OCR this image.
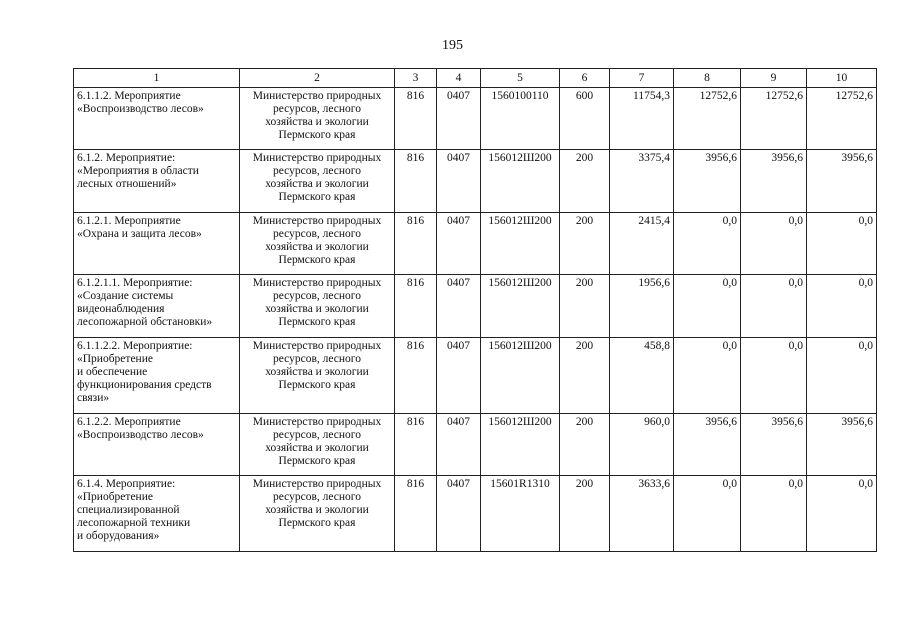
195
1	2	3	4	5	6	7	8	9	10
6.1.1.2. Мероприятие
«Воспроизводство лесов»	Министерство природных
ресурсов, лесного
хозяйства и экологии
Пермского края	816	0407	1560100110	600	11754,3	12752,6	12752,6	12752,6
6.1.2. Мероприятие:
«Мероприятия в области
лесных отношений»	Министерство природных
ресурсов, лесного
хозяйства и экологии
Пермского края	816	0407	156012Ш200	200	3375,4	3956,6	3956,6	3956,6
6.1.2.1. Мероприятие
«Охрана и защита лесов»	Министерство природных
ресурсов, лесного
хозяйства и экологии
Пермского края	816	0407	156012Ш200	200	2415,4	0,0	0,0	0,0
6.1.2.1.1. Мероприятие:
«Создание системы
видеонаблюдения
лесопожарной обстановки»	Министерство природных
ресурсов, лесного
хозяйства и экологии
Пермского края	816	0407	156012Ш200	200	1956,6	0,0	0,0	0,0
6.1.1.2.2. Мероприятие:
«Приобретение
и обеспечение
функционирования средств
связи»	Министерство природных
ресурсов, лесного
хозяйства и экологии
Пермского края	816	0407	156012Ш200	200	458,8	0,0	0,0	0,0
6.1.2.2. Мероприятие
«Воспроизводство лесов»	Министерство природных
ресурсов, лесного
хозяйства и экологии
Пермского края	816	0407	156012Ш200	200	960,0	3956,6	3956,6	3956,6
6.1.4. Мероприятие:
«Приобретение
специализированной
лесопожарной техники
и оборудования»	Министерство природных
ресурсов, лесного
хозяйства и экологии
Пермского края	816	0407	15601R1310	200	3633,6	0,0	0,0	0,0
